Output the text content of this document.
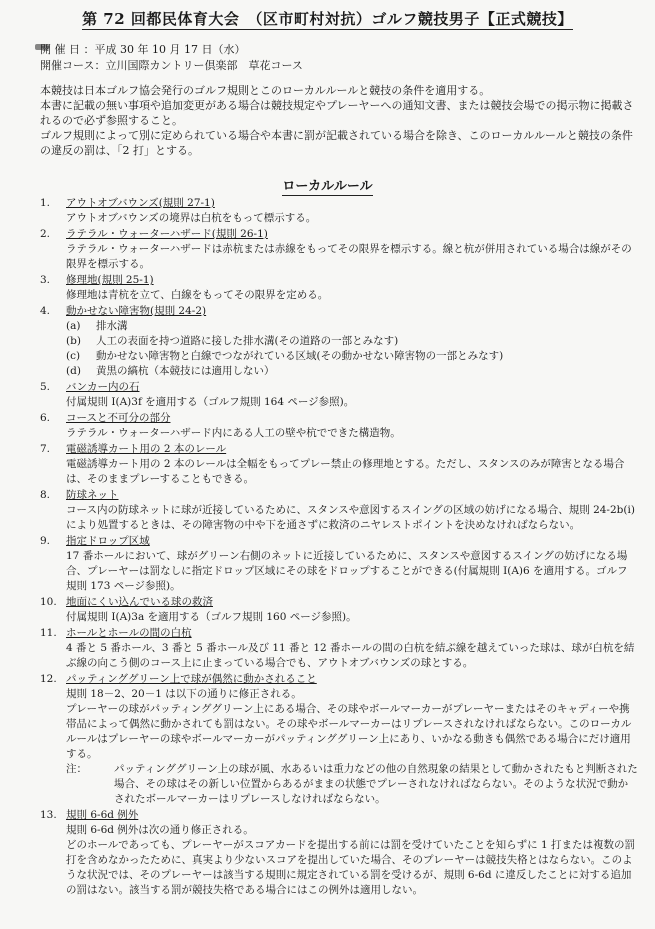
第 72 回都民体育大会　（区市町村対抗）ゴルフ競技男子【正式競技】
開 催 日 ：平成 30 年 10 月 17 日（水）
開催コース：立川国際カントリー倶楽部　草花コース

本競技は日本ゴルフ協会発行のゴルフ規則とこのローカルルールと競技の条件を適用する。

本書に記載の無い事項や追加変更がある場合は競技規定やプレーヤーへの通知文書、または競技会場での掲示物に掲載されるので必ず参照すること。

ゴルフ規則によって別に定められている場合や本書に罰が記載されている場合を除き、このローカルルールと競技の条件の違反の罰は、「2 打」とする。

ローカルルール
1.	アウトオブバウンズ(規則 27-1)

アウトオブバウンズの境界は白杭をもって標示する。

2.	ラテラル・ウォーターハザード(規則 26-1)

ラテラル・ウォーターハザードは赤杭または赤線をもってその限界を標示する。線と杭が併用されている場合は線がその限界を標示する。

3.	修理地(規則 25-1)

修理地は青杭を立て、白線をもってその限界を定める。

4.	動かせない障害物(規則 24-2)
(a) 排水溝
(b) 人工の表面を持つ道路に接した排水溝(その道路の一部とみなす)
(c) 動かせない障害物と白線でつながれている区域(その動かせない障害物の一部とみなす)
(d) 黄黒の縞杭（本競技には適用しない）
5.	バンカー内の石

付属規則 I(A)3f を適用する（ゴルフ規則 164 ページ参照)。

6.	コースと不可分の部分

ラテラル・ウォーターハザード内にある人工の壁や杭でできた構造物。

7.	電磁誘導カート用の 2 本のレール

電磁誘導カート用の 2 本のレールは全幅をもってプレー禁止の修理地とする。ただし、スタンスのみが障害となる場合は、そのままプレーすることもできる。

8.	防球ネット

コース内の防球ネットに球が近接しているために、スタンスや意図するスイングの区域の妨げになる場合、規則 24-2b(i)により処置するときは、その障害物の中や下を通さずに救済のニヤレストポイントを決めなければならない。

9.	指定ドロップ区域

17 番ホールにおいて、球がグリーン右側のネットに近接しているために、スタンスや意図するスイングの妨げになる場合、プレーヤーは罰なしに指定ドロップ区域にその球をドロップすることができる(付属規則 I(A)6 を適用する。ゴルフ規則 173 ページ参照)。

10. 地面にくい込んでいる球の救済

付属規則 I(A)3a を適用する（ゴルフ規則 160 ページ参照)。

11. ホールとホールの間の白杭

4 番と 5 番ホール、3 番と 5 番ホール及び 11 番と 12 番ホールの間の白杭を結ぶ線を越えていった球は、球が白杭を結ぶ線の向こう側のコース上に止まっている場合でも、アウトオブバウンズの球とする。

12. パッティンググリーン上で球が偶然に動かされること

規則 18－2、20－1 は以下の通りに修正される。

プレーヤーの球がパッティンググリーン上にある場合、その球やボールマーカーがプレーヤーまたはそのキャディーや携帯品によって偶然に動かされても罰はない。その球やボールマーカーはリプレースされなければならない。このローカルルールはプレーヤーの球やボールマーカーがパッティンググリーン上にあり、いかなる動きも偶然である場合にだけ適用する。

注：	パッティンググリーン上の球が風、水あるいは重力などの他の自然現象の結果として動かされたもと判断された場合、その球はその新しい位置からあるがままの状態でプレーされなければならない。そのような状況で動かされたボールマーカーはリプレースしなければならない。
13. 規則 6-6d 例外

規則 6-6d 例外は次の通り修正される。

どのホールであっても、プレーヤーがスコアカードを提出する前には罰を受けていたことを知らずに 1 打または複数の罰打を含めなかったために、真実より少ないスコアを提出していた場合、そのプレーヤーは競技失格とはならない。このような状況では、そのプレーヤーは該当する規則に規定されている罰を受けるが、規則 6-6d に違反したことに対する追加の罰はない。該当する罰が競技失格である場合にはこの例外は適用しない。
